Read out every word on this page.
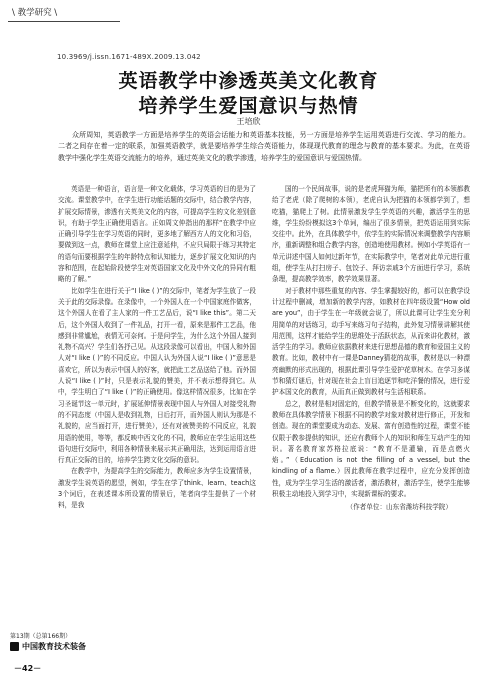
\ 教学研究 \
10.3969/j.issn.1671-489X.2009.13.042
英语教学中渗透英美文化教育
培养学生爱国意识与热情
王培欣
众所周知，英语教学一方面是培养学生的英语会话能力和英语基本技能，另一方面是培养学生运用英语进行交流、学习的能力。二者之间存在着一定的联系，加强英语教学，就是要培养学生综合英语能力，体现现代教育的理念与教育的基本要求。为此，在英语教学中强化学生英语交流能力的培养，通过英美文化的教学渗透，培养学生的爱国意识与爱国热情。

英语是一种语言，语言是一种文化载体，学习英语的目的是为了交流。课堂教学中，在学生进行功能话题的交际中，结合教学内容，扩展交际情景，渗透有关英美文化的内容，可提高学生的文化差别意识，有助于学生正确使用语言。正如周文仲指出的那样“在教学中应正确引导学生在学习英语的同时，更多地了解西方人的文化和习俗，要做到这一点，教师在课堂上应注意延伸，不应只局限于练习其特定的语句而要根据学生的年龄特点和认知能力，逐步扩展文化知识的内容和范围，在起始阶段使学生对英语国家文化及中外文化的异同有粗略的了解。”

比如学生在进行关于“I like ( )”的交际中，笔者为学生放了一段关于此的交际录像。在录像中，一个外国人在一个中国家庭作做客，这个外国人在看了主人家的一件工艺品后，说“I like this”。第二天后，这个外国人收到了一件礼品，打开一看，原来是那件工艺品，他感到非常尴尬，表情无可奈何。于是问学生，为什么这个外国人接到礼物不高兴？学生们各抒己见。从这段录像可以看出，中国人和外国人对“I like ( )”的不同反应。中国人认为外国人说“I like ( )”意思是喜欢它，所以为表示中国人的好客，就把此工艺品送给了他。而外国人说“I like ( )”时，只是表示礼貌的赞美，并不表示想得到它。从中，学生明白了“I like ( )”的正确使用。像这样情况很多，比如在学习圣诞节这一单元时，扩展延伸情景表现中国人与外国人对接受礼物的不同态度（中国人是收到礼物，日后打开，而外国人则认为那是不礼貌的，应当面打开，进行赞美），还有对被赞美的不同反应，礼貌用语的使用，等等，都反映中西文化的不同，教师应在学生运用这些语句进行交际中，利用各种情景来展示其正确用法，达到运用语言进行真正交际的目的，培养学生跨文化交际的意识。

在教学中，为提高学生的交际能力，教师应多为学生设置情景，激发学生说英语的愿望，例如，学生在学了think、learn、teach这3个词后，在表述课本所设置的情景后，笔者向学生提供了一个材料，是我

国的一个民间故事，说的是老虎拜猫为师，猫把所有的本领都教给了老虎（除了爬树的本领），老虎自认为把猫的本领都学到了，想吃猫，猫爬上了树。此情景激发学生学英语的兴趣，激活学生的思维，学生纷纷模拟这3个单词，编出了很多情景，把英语运用到实际交往中。此外，在具体教学中，依学生的实际情况来调整教学内容顺序，重新调整和组合教学内容，创造地使用教材。例如小学英语有一单元讲述中国人如何过新年节，在实际教学中，笔者对此单元进行重组，使学生从打扫房子、包饺子、拜访亲戚3个方面进行学习，系统条理，提高教学效率，教学效果显著。

对于教材中那些重复的内容、学生掌握较好的，都可以在教学设计过程中删减，增加新的教学内容，如教材在四年级设置“How old are you”，由于学生在一年级就会说了，所以此课可让学生充分利用简单的对话练习，动手写来练习句子结构，此外复习情景讲解其使用范围，这样才能给学生的思维处于活跃状态，从而来讲化教材，激活学生的学习。教师应依据教材来进行思想品德的教育和爱国主义的教育。比如，教材中有一课是Danney猜花的故事，教材是以一种漂亮幽默的形式出现的，根据此课引导学生爱护花草树木。在学习多谋节和猜灯谜后，针对现在社会上盲目追逐节和吃洋餐的情况，进行爱护本国文化的教育，从而真正做到教材与生活相联系。

总之，教材是相对固定的，但教学情景是不断变化的，这就要求教师在具体教学情景下根据不同的教学对象对教材进行修正，开发和创造。现在的课堂要成为动态、发展、富有创造性的过程，课堂不能仅限于教参提供的知识，还应有教师个人的知识和师生互动产生的知识。著名教育家苏格拉底说：“教育不是灌输，而是点燃火焰。”（Education is not the filling of a vessel, but the kindling of a flame.）因此教师在教学过程中，应充分发挥创造性，成为学生学习生活的激活者，激活教材，激活学生，使学生能够积极主动地投入到学习中，实现新课标的要求。

（作者单位：山东省潍坊科技学院）

第13期（总第166期）
中国教育技术装备
－42－
